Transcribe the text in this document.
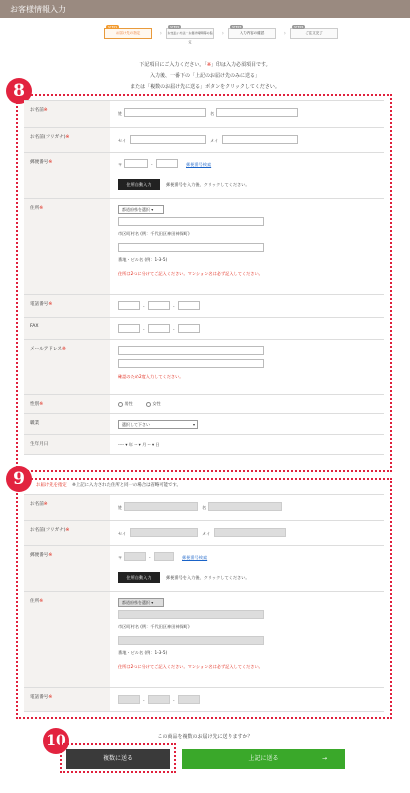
お客様情報入力
STEP1
お届け先の指定	›
STEP2
お支払い方法・お届け時間等の指定
›
STEP3
入力内容の確認	›
STEP4
ご注文完了
下記項目にご入力ください。「※」印は入力必須項目です。
入力後、一番下の「上記のお届け先のみに送る」
または「複数のお届け先に送る」ボタンをクリックしてください。
8
お名前※
姓	名
お名前(フリガナ)※
セイ	メイ
郵便番号※	〒	-	郵便番号検索
住所自動入力	郵便番号を入力後、クリックしてください。
住所※	都道府県を選択 ▾
市区町村名 (例：千代田区神田神保町)
番地・ビル名 (例：1-3-5)
住所は2つに分けてご記入ください。マンション名は必ず記入してください。
電話番号※	-	-
FAX
-	-
メールアドレス※
確認のため2度入力してください。
性別※	男性	女性
職業	選択して下さい	▾
生年月日	---- ▾ 年 -- ▾ 月 -- ▾ 日
9	お届け先を指定 ※上記に入力された住所と同一の場合は省略可能です。
お名前※
姓	名
お名前(フリガナ)※
セイ	メイ
郵便番号※	〒	-	郵便番号検索
住所自動入力	郵便番号を入力後、クリックしてください。
住所※	都道府県を選択 ▾
市区町村名 (例：千代田区神田神保町)
番地・ビル名 (例：1-3-5)
住所は2つに分けてご記入ください。マンション名は必ず記入してください。
電話番号※
-	-
この商品を複数のお届け先に送りますか？
10
複数に送る	上記に送る	→
